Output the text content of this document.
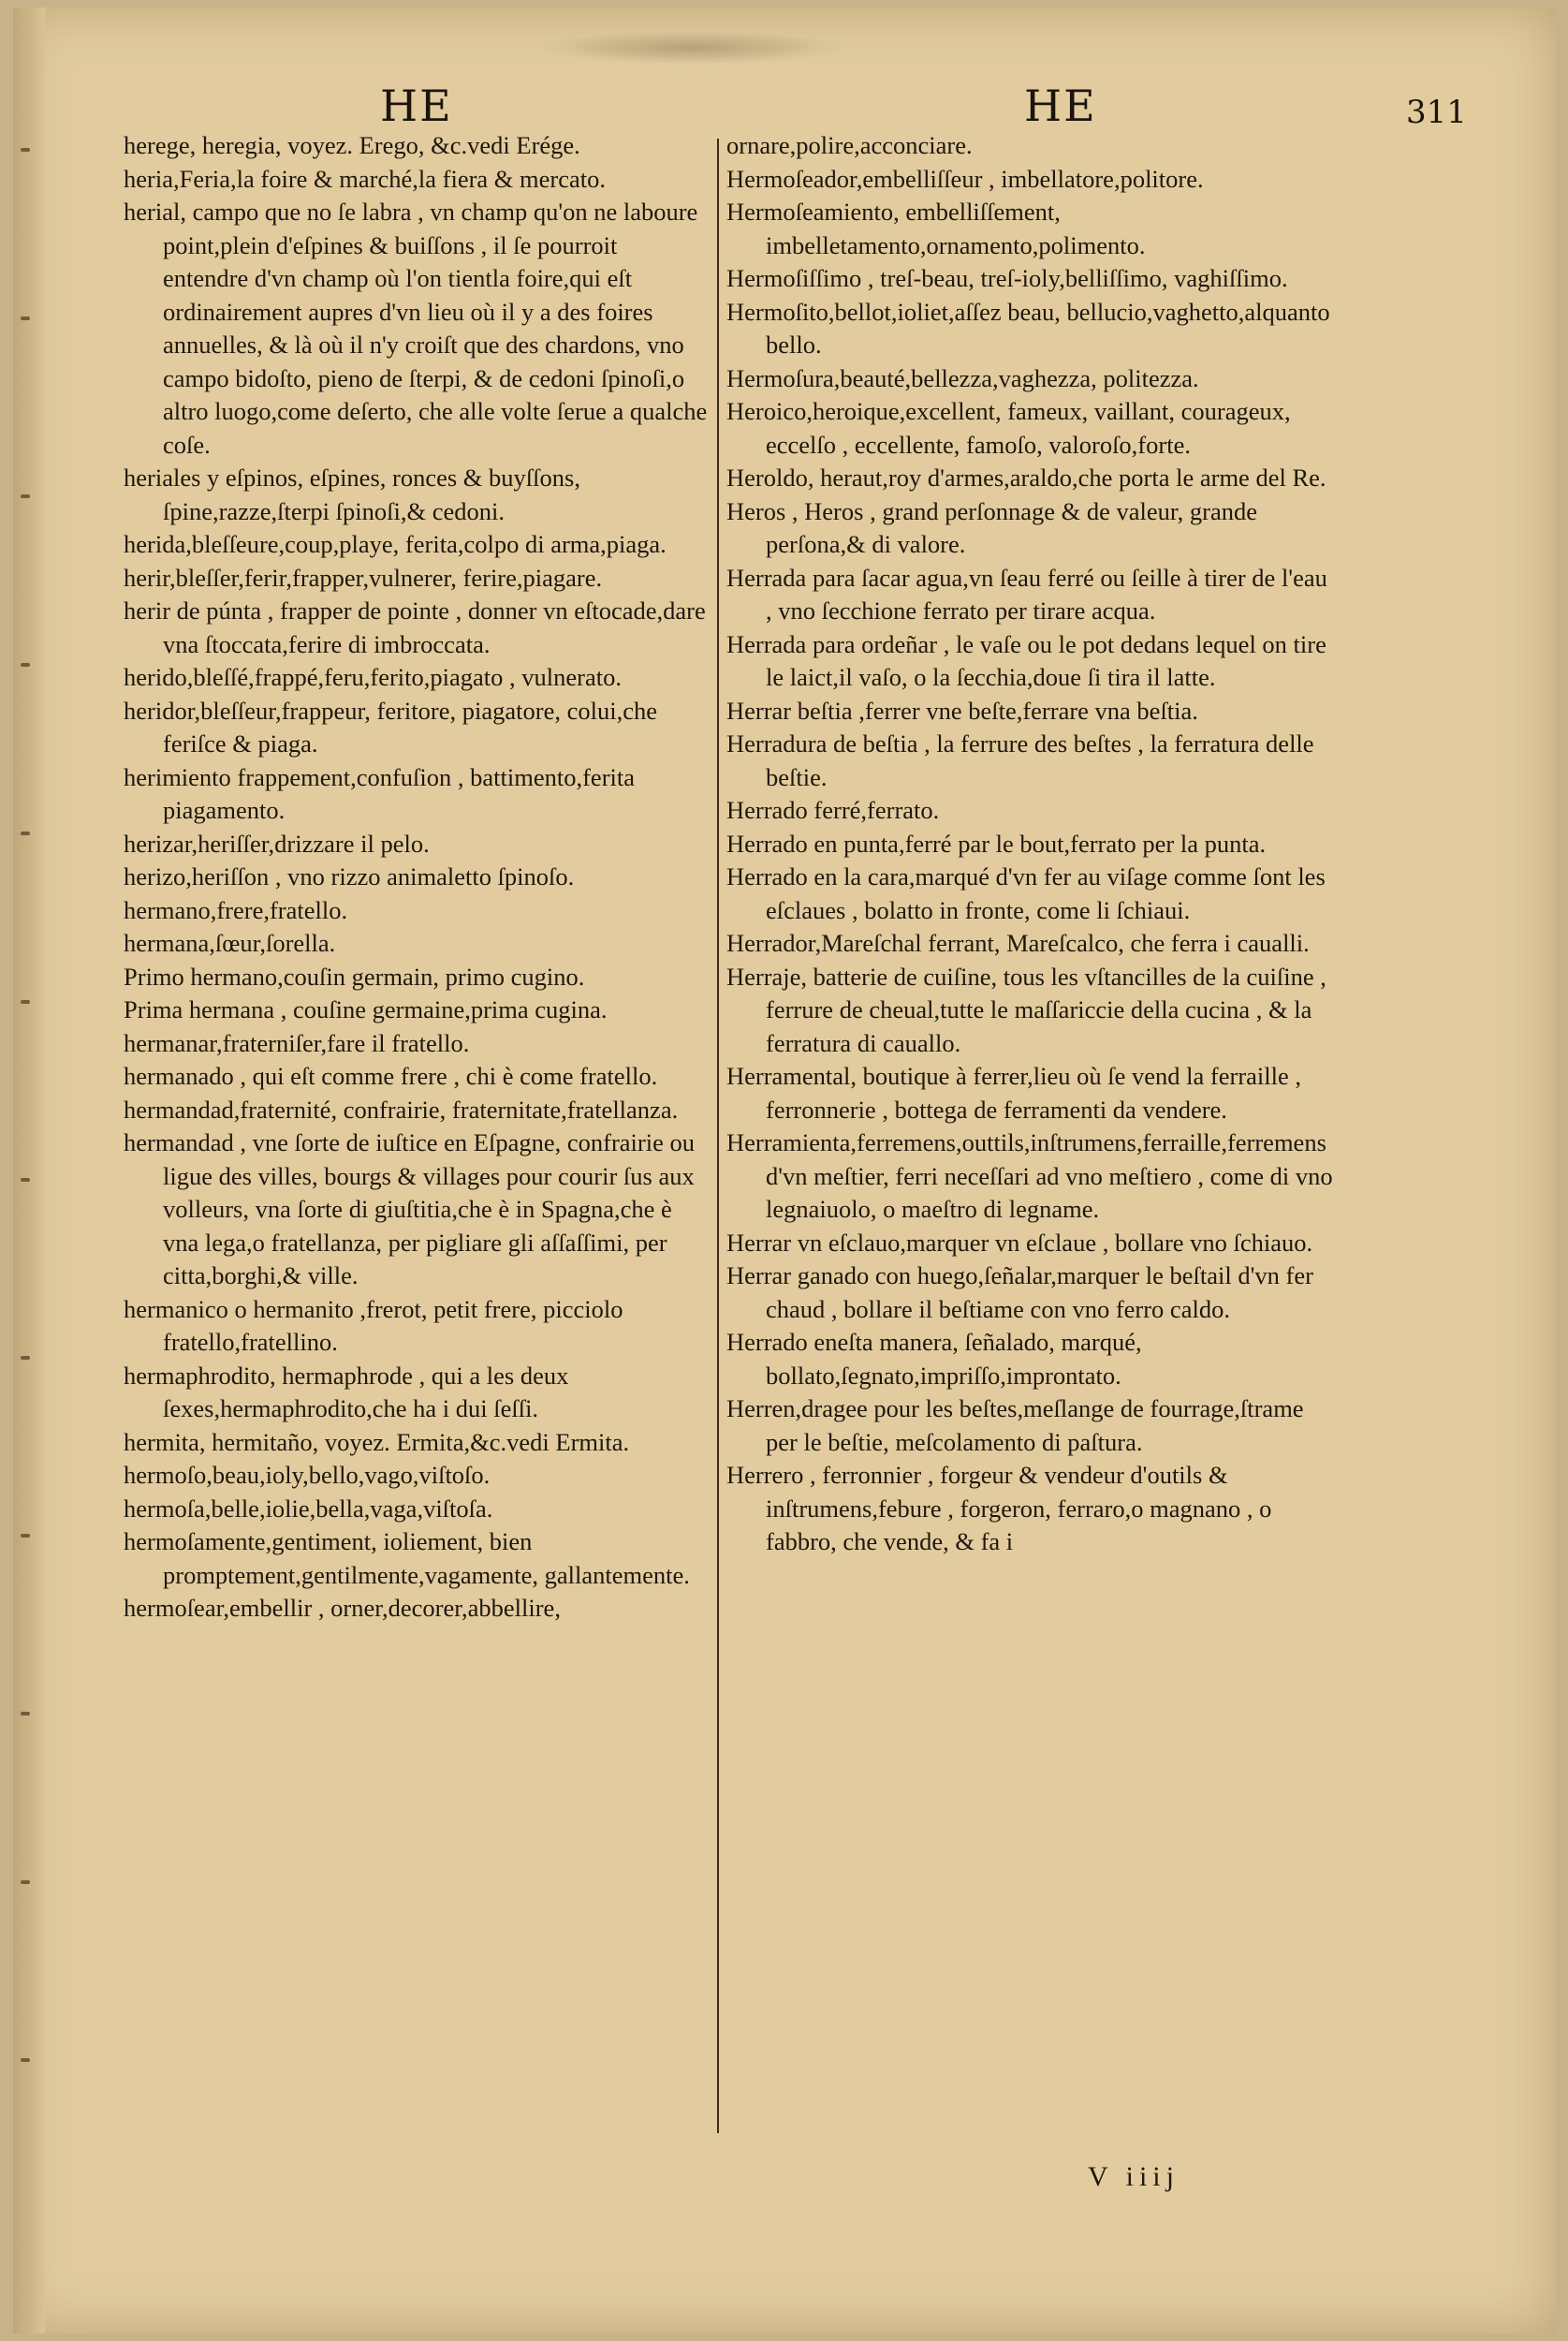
HE	HE	311

herege, heregia, voyez. Erego, &c.vedi Erége.

heria,Feria,la foire & marché,la fiera & mercato.

herial, campo que no ſe labra , vn champ qu'on ne laboure point,plein d'eſpines & buiſſons , il ſe pourroit entendre d'vn champ où l'on tientla foire,qui eſt ordinairement aupres d'vn lieu où il y a des foires annuelles, & là où il n'y croiſt que des chardons, vno campo bidoſto, pieno de ſterpi, & de cedoni ſpinoſi,o altro luogo,come deſerto, che alle volte ſerue a qualche coſe.

heriales y eſpinos, eſpines, ronces & buyſſons, ſpine,razze,ſterpi ſpinoſi,& cedoni.

herida,bleſſeure,coup,playe, ferita,colpo di arma,piaga.

herir,bleſſer,ferir,frapper,vulnerer, ferire,piagare.

herir de púnta , frapper de pointe , donner vn eſtocade,dare vna ſtoccata,ferire di imbroccata.

herido,bleſſé,frappé,feru,ferito,piagato , vulnerato.

heridor,bleſſeur,frappeur, feritore, piagatore, colui,che feriſce & piaga.

herimiento frappement,confuſion , battimento,ferita piagamento.

herizar,heriſſer,drizzare il pelo.

herizo,heriſſon , vno rizzo animaletto ſpinoſo.

hermano,frere,fratello.

hermana,ſœur,ſorella.

Primo hermano,couſin germain, primo cugino.

Prima hermana , couſine germaine,prima cugina.

hermanar,fraterniſer,fare il fratello.

hermanado , qui eſt comme frere , chi è come fratello.

hermandad,fraternité, confrairie, fraternitate,fratellanza.

hermandad , vne ſorte de iuſtice en Eſpagne, confrairie ou ligue des villes, bourgs & villages pour courir ſus aux volleurs, vna ſorte di giuſtitia,che è in Spagna,che è vna lega,o fratellanza, per pigliare gli aſſaſſimi, per citta,borghi,& ville.

hermanico o hermanito ,frerot, petit frere, picciolo fratello,fratellino.

hermaphrodito, hermaphrode , qui a les deux ſexes,hermaphrodito,che ha i dui ſeſſi.

hermita, hermitaño, voyez. Ermita,&c.vedi Ermita.

hermoſo,beau,ioly,bello,vago,viſtoſo.

hermoſa,belle,iolie,bella,vaga,viſtoſa.

hermoſamente,gentiment, ioliement, bien promptement,gentilmente,vagamente, gallantemente.

hermoſear,embellir , orner,decorer,abbellire,

ornare,polire,acconciare.

Hermoſeador,embelliſſeur , imbellatore,politore.

Hermoſeamiento, embelliſſement, imbelletamento,ornamento,polimento.

Hermoſiſſimo , treſ-beau, treſ-ioly,belliſſimo, vaghiſſimo.

Hermoſito,bellot,ioliet,aſſez beau, bellucio,vaghetto,alquanto bello.

Hermoſura,beauté,bellezza,vaghezza, politezza.

Heroico,heroique,excellent, fameux, vaillant, courageux, eccelſo , eccellente, famoſo, valoroſo,forte.

Heroldo, heraut,roy d'armes,araldo,che porta le arme del Re.

Heros , Heros , grand perſonnage & de valeur, grande perſona,& di valore.

Herrada para ſacar agua,vn ſeau ferré ou ſeille à tirer de l'eau , vno ſecchione ferrato per tirare acqua.

Herrada para ordeñar , le vaſe ou le pot dedans lequel on tire le laict,il vaſo, o la ſecchia,doue ſi tira il latte.

Herrar beſtia ,ferrer vne beſte,ferrare vna beſtia.

Herradura de beſtia , la ferrure des beſtes , la ferratura delle beſtie.

Herrado ferré,ferrato.

Herrado en punta,ferré par le bout,ferrato per la punta.

Herrado en la cara,marqué d'vn fer au viſage comme ſont les eſclaues , bolatto in fronte, come li ſchiaui.

Herrador,Mareſchal ferrant, Mareſcalco, che ferra i caualli.

Herraje, batterie de cuiſine, tous les vſtancilles de la cuiſine , ferrure de cheual,tutte le maſſariccie della cucina , & la ferratura di cauallo.

Herramental, boutique à ferrer,lieu où ſe vend la ferraille , ferronnerie , bottega de ferramenti da vendere.

Herramienta,ferremens,outtils,inſtrumens,ferraille,ferremens d'vn meſtier, ferri neceſſari ad vno meſtiero , come di vno legnaiuolo, o maeſtro di legname.

Herrar vn eſclauo,marquer vn eſclaue , bollare vno ſchiauo.

Herrar ganado con huego,ſeñalar,marquer le beſtail d'vn fer chaud , bollare il beſtiame con vno ferro caldo.

Herrado eneſta manera, ſeñalado, marqué, bollato,ſegnato,impriſſo,improntato.

Herren,dragee pour les beſtes,meſlange de fourrage,ſtrame per le beſtie, meſcolamento di paſtura.

Herrero , ferronnier , forgeur & vendeur d'outils & inſtrumens,febure , forgeron, ferraro,o magnano , o fabbro, che vende, & fa i

V iiij
